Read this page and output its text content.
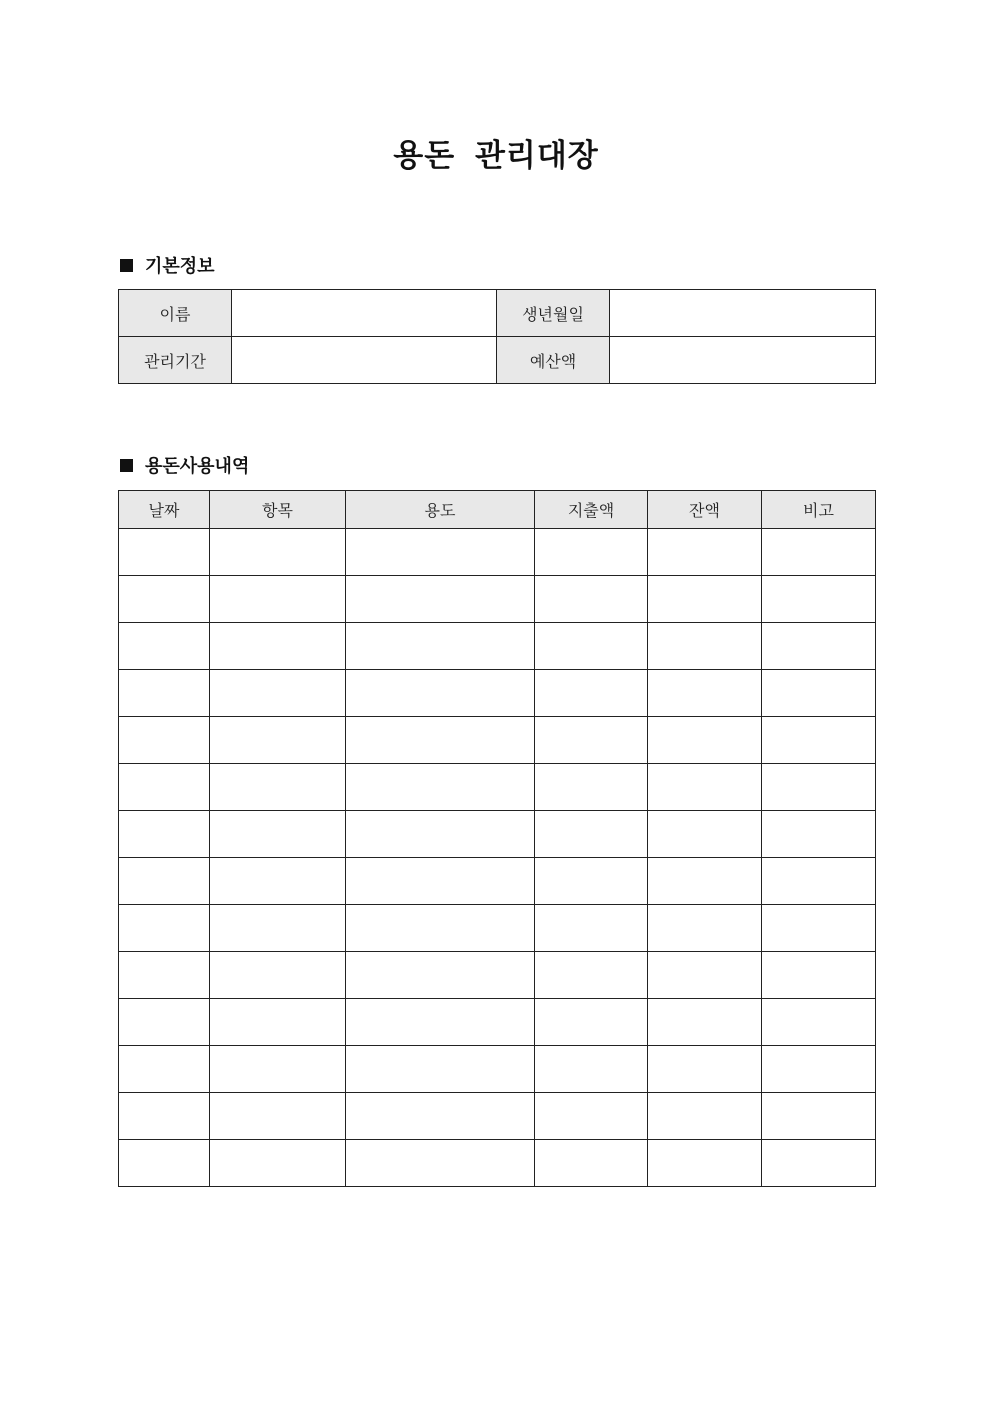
용돈 관리대장
기본정보
이름		생년월일	
관리기간		예산액	
용돈사용내역
날짜	항목	용도	지출액	잔액	비고
